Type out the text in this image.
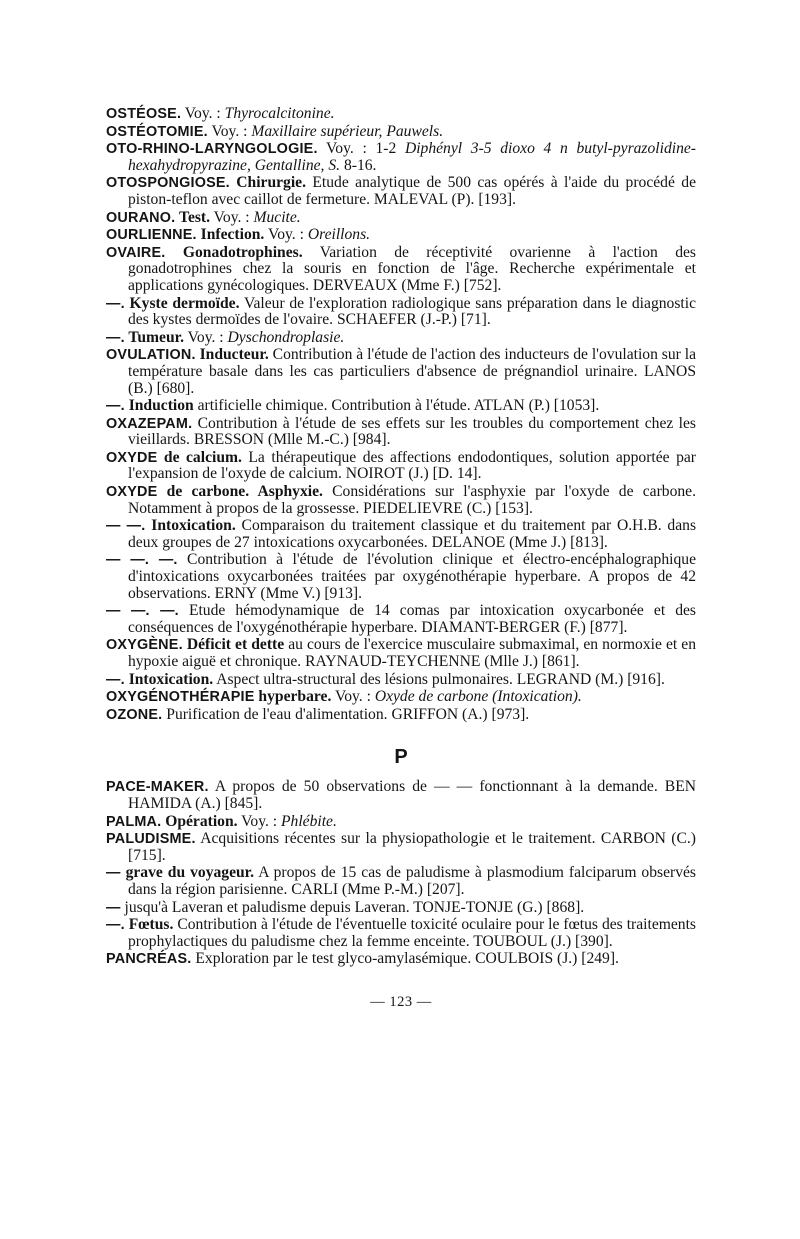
OSTÉOSE. Voy. : Thyrocalcitonine.
OSTÉOTOMIE. Voy. : Maxillaire supérieur, Pauwels.
OTO-RHINO-LARYNGOLOGIE. Voy. : 1-2 Diphényl 3-5 dioxo 4 n butyl-pyrazolidine-hexahydropyrazine, Gentalline, S. 8-16.
OTOSPONGIOSE. Chirurgie. Etude analytique de 500 cas opérés à l'aide du procédé de piston-teflon avec caillot de fermeture. MALEVAL (P). [193].
OURANO. Test. Voy. : Mucite.
OURLIENNE. Infection. Voy. : Oreillons.
OVAIRE. Gonadotrophines. Variation de réceptivité ovarienne à l'action des gonadotrophines chez la souris en fonction de l'âge. Recherche expérimentale et applications gynécologiques. DERVEAUX (Mme F.) [752].
—. Kyste dermoïde. Valeur de l'exploration radiologique sans préparation dans le diagnostic des kystes dermoïdes de l'ovaire. SCHAEFER (J.-P.) [71].
—. Tumeur. Voy. : Dyschondroplasie.
OVULATION. Inducteur. Contribution à l'étude de l'action des inducteurs de l'ovulation sur la température basale dans les cas particuliers d'absence de prégnandiol urinaire. LANOS (B.) [680].
—. Induction artificielle chimique. Contribution à l'étude. ATLAN (P.) [1053].
OXAZEPAM. Contribution à l'étude de ses effets sur les troubles du comportement chez les vieillards. BRESSON (Mlle M.-C.) [984].
OXYDE de calcium. La thérapeutique des affections endodontiques, solution apportée par l'expansion de l'oxyde de calcium. NOIROT (J.) [D. 14].
OXYDE de carbone. Asphyxie. Considérations sur l'asphyxie par l'oxyde de carbone. Notamment à propos de la grossesse. PIEDELIEVRE (C.) [153].
— —. Intoxication. Comparaison du traitement classique et du traitement par O.H.B. dans deux groupes de 27 intoxications oxycarbonées. DELANOE (Mme J.) [813].
— —. —. Contribution à l'étude de l'évolution clinique et électro-encéphalographique d'intoxications oxycarbonées traitées par oxygénothérapie hyperbare. A propos de 42 observations. ERNY (Mme V.) [913].
— —. —. Etude hémodynamique de 14 comas par intoxication oxycarbonée et des conséquences de l'oxygénothérapie hyperbare. DIAMANT-BERGER (F.) [877].
OXYGÈNE. Déficit et dette au cours de l'exercice musculaire submaximal, en normoxie et en hypoxie aiguë et chronique. RAYNAUD-TEYCHENNE (Mlle J.) [861].
—. Intoxication. Aspect ultra-structural des lésions pulmonaires. LEGRAND (M.) [916].
OXYGÉNOTHÉRAPIE hyperbare. Voy. : Oxyde de carbone (Intoxication).
OZONE. Purification de l'eau d'alimentation. GRIFFON (A.) [973].
P
PACE-MAKER. A propos de 50 observations de — — fonctionnant à la demande. BEN HAMIDA (A.) [845].
PALMA. Opération. Voy. : Phlébite.
PALUDISME. Acquisitions récentes sur la physiopathologie et le traitement. CARBON (C.) [715].
— grave du voyageur. A propos de 15 cas de paludisme à plasmodium falciparum observés dans la région parisienne. CARLI (Mme P.-M.) [207].
— jusqu'à Laveran et paludisme depuis Laveran. TONJE-TONJE (G.) [868].
—. Fœtus. Contribution à l'étude de l'éventuelle toxicité oculaire pour le fœtus des traitements prophylactiques du paludisme chez la femme enceinte. TOUBOUL (J.) [390].
PANCRÉAS. Exploration par le test glyco-amylasémique. COULBOIS (J.) [249].
— 123 —
